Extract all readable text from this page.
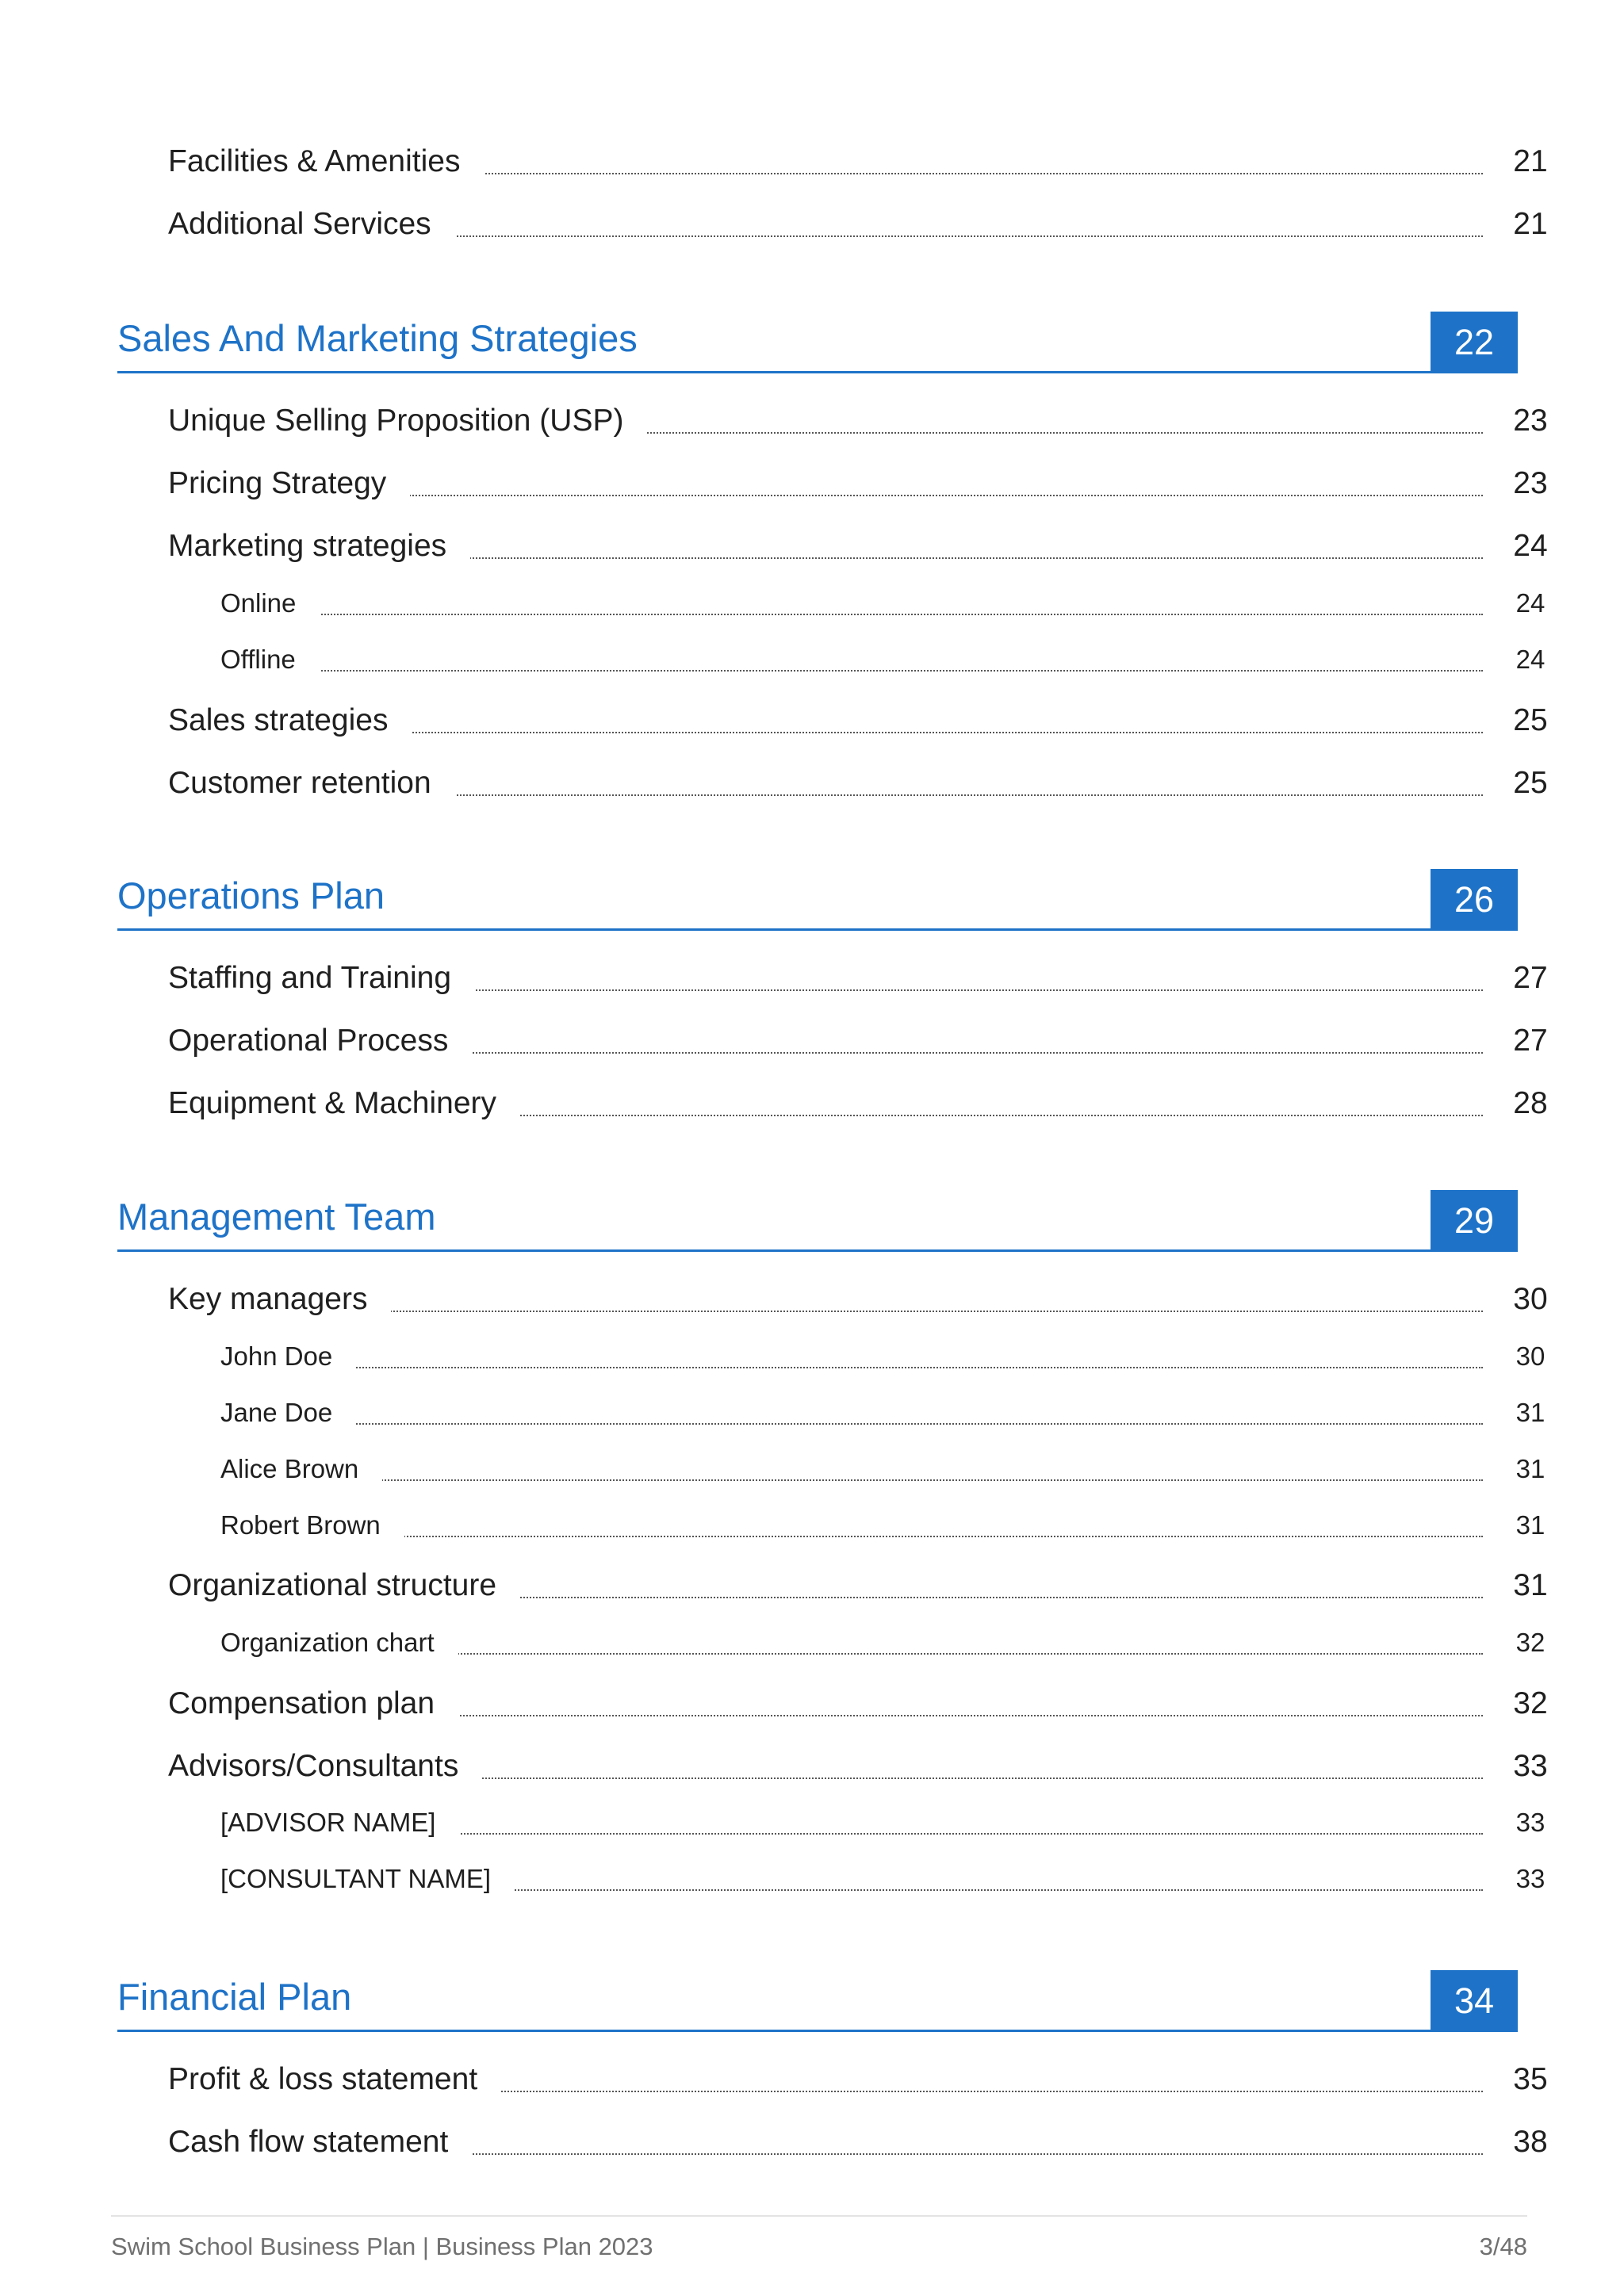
Facilities & Amenities	21
Additional Services	21
Sales And Marketing Strategies	22
Unique Selling Proposition (USP)	23
Pricing Strategy	23
Marketing strategies	24
Online	24
Offline	24
Sales strategies	25
Customer retention	25
Operations Plan	26
Staffing and Training	27
Operational Process	27
Equipment & Machinery	28
Management Team	29
Key managers	30
John Doe	30
Jane Doe	31
Alice Brown	31
Robert Brown	31
Organizational structure	31
Organization chart	32
Compensation plan	32
Advisors/Consultants	33
[ADVISOR NAME]	33
[CONSULTANT NAME]	33
Financial Plan	34
Profit & loss statement	35
Cash flow statement	38
Swim School Business Plan | Business Plan 2023	3/48
